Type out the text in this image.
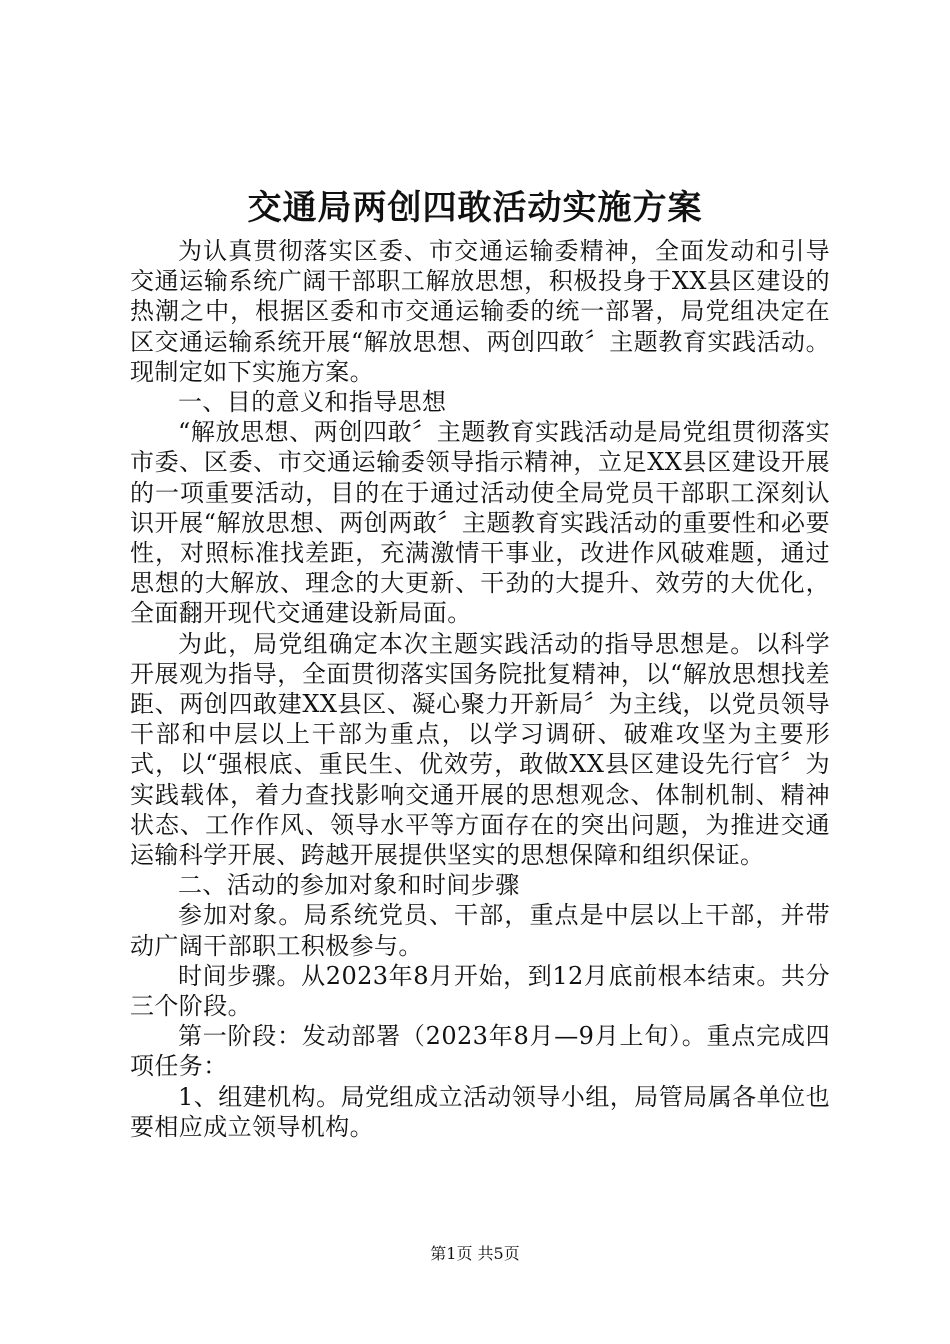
交通局两创四敢活动实施方案

为认真贯彻落实区委、市交通运输委精神，全面发动和引导交通运输系统广阔干部职工解放思想，积极投身于XX县区建设的热潮之中，根据区委和市交通运输委的统一部署，局党组决定在区交通运输系统开展“解放思想、两创四敢〞主题教育实践活动。现制定如下实施方案。

一、目的意义和指导思想

“解放思想、两创四敢〞主题教育实践活动是局党组贯彻落实市委、区委、市交通运输委领导指示精神，立足XX县区建设开展的一项重要活动，目的在于通过活动使全局党员干部职工深刻认识开展“解放思想、两创两敢〞主题教育实践活动的重要性和必要性，对照标准找差距，充满激情干事业，改进作风破难题，通过思想的大解放、理念的大更新、干劲的大提升、效劳的大优化，全面翻开现代交通建设新局面。

为此，局党组确定本次主题实践活动的指导思想是。以科学开展观为指导，全面贯彻落实国务院批复精神，以“解放思想找差距、两创四敢建XX县区、凝心聚力开新局〞为主线，以党员领导干部和中层以上干部为重点，以学习调研、破难攻坚为主要形式，以“强根底、重民生、优效劳，敢做XX县区建设先行官〞为实践载体，着力查找影响交通开展的思想观念、体制机制、精神状态、工作作风、领导水平等方面存在的突出问题，为推进交通运输科学开展、跨越开展提供坚实的思想保障和组织保证。

二、活动的参加对象和时间步骤

参加对象。局系统党员、干部，重点是中层以上干部，并带动广阔干部职工积极参与。

时间步骤。从2023年8月开始，到12月底前根本结束。共分三个阶段。

第一阶段：发动部署（2023年8月—9月上旬）。重点完成四项任务：

1、组建机构。局党组成立活动领导小组，局管局属各单位也要相应成立领导机构。

第1页 共5页
